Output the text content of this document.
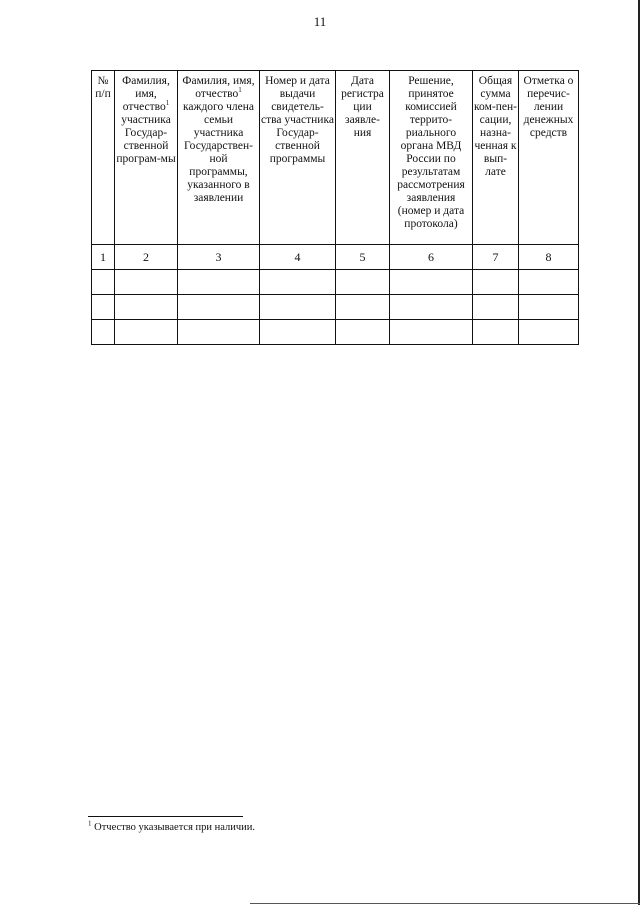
11
№ п/п	Фамилия, имя, отчество$^1$ участника Государ-ственной програм-мы	Фамилия, имя, отчество$^1$ каждого члена семьи участника Государствен-ной программы, указанного в заявлении	Номер и дата выдачи свидетель-ства участника Государ-ственной программы	Дата регистра ции заявле-ния	Решение, принятое комиссией террито-риального органа МВД России по результатам рассмотрения заявления (номер и дата протокола)	Общая сумма ком-пен-сации, назна-ченная к вып-лате	Отметка о перечис-лении денежных средств
1	2	3	4	5	6	7	8

$^1$ Отчество указывается при наличии.
